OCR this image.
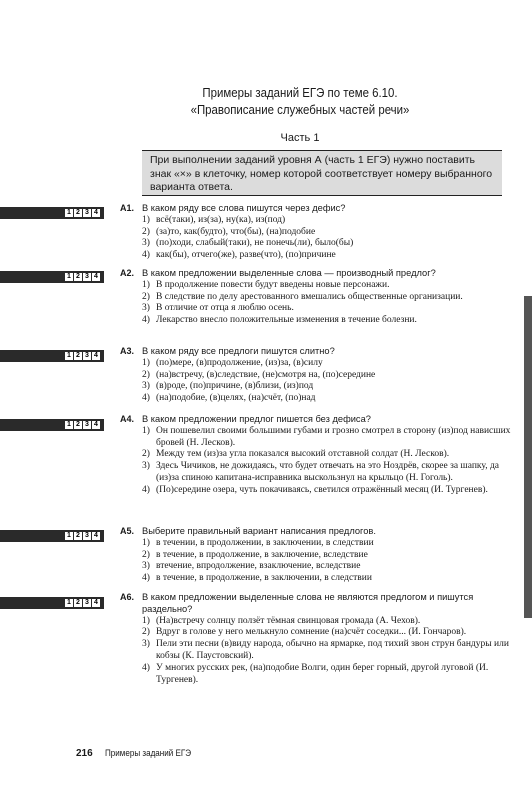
Примеры заданий ЕГЭ по теме 6.10.
«Правописание служебных частей речи»
Часть 1
При выполнении заданий уровня А (часть 1 ЕГЭ) нужно поставить знак «×» в клеточку, номер которой соответствует номеру выбранного варианта ответа.
1 2 3 4
1 2 3 4
1 2 3 4
1 2 3 4
1 2 3 4
1 2 3 4
А1. В каком ряду все слова пишутся через дефис?
1) всё(таки), из(за), ну(ка), из(под)
2) (за)то, как(будто), что(бы), (на)подобие
3) (по)ходи, слабый(таки), не понечь(ли), было(бы)
4) как(бы), отчего(же), разве(что), (по)причине
А2. В каком предложении выделенные слова — производный предлог?
1) В продолжение повести будут введены новые персонажи.
2) В следствие по делу арестованного вмешались общественные организации.
3) В отличие от отца я люблю осень.
4) Лекарство внесло положительные изменения в течение болезни.
А3. В каком ряду все предлоги пишутся слитно?
1) (по)мере, (в)продолжение, (из)за, (в)силу
2) (на)встречу, (в)следствие, (не)смотря на, (по)середине
3) (в)роде, (по)причине, (в)близи, (из)под
4) (на)подобие, (в)целях, (на)счёт, (по)над
А4. В каком предложении предлог пишется без дефиса?
1) Он пошевелил своими большими губами и грозно смотрел в сторону (из)под нависших бровей (Н. Лесков).
2) Между тем (из)за угла показался высокий отставной солдат (Н. Лесков).
3) Здесь Чичиков, не дожидаясь, что будет отвечать на это Ноздрёв, скорее за шапку, да (из)за спиною капитана-исправника выскользнул на крыльцо (Н. Гоголь).
4) (По)середине озера, чуть покачиваясь, светился отражённый месяц (И. Тургенев).
А5. Выберите правильный вариант написания предлогов.
1) в течении, в продолжении, в заключении, в следствии
2) в течение, в продолжение, в заключение, вследствие
3) втечение, впродолжение, взаключение, вследствие
4) в течение, в продолжение, в заключении, в следствии
А6. В каком предложении выделенные слова не являются предлогом и пишутся раздельно?
1) (На)встречу солнцу ползёт тёмная свинцовая громада (А. Чехов).
2) Вдруг в голове у него мелькнуло сомнение (на)счёт соседки... (И. Гончаров).
3) Пели эти песни (в)виду народа, обычно на ярмарке, под тихий звон струн бандуры или кобзы (К. Паустовский).
4) У многих русских рек, (на)подобие Волги, один берег горный, другой луговой (И. Тургенев).
216 Примеры заданий ЕГЭ
